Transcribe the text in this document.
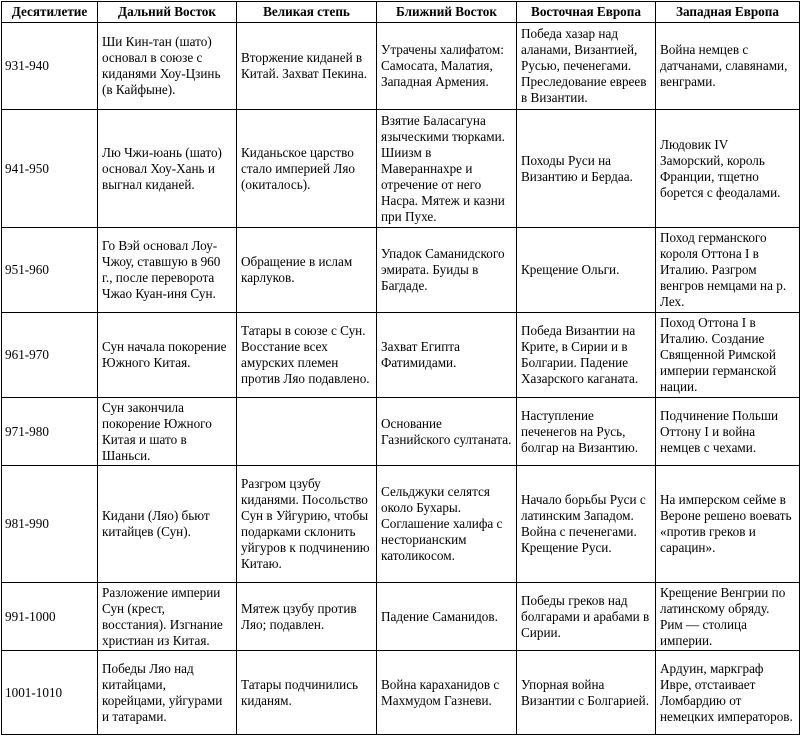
Десятилетие	Дальний Восток	Великая степь	Ближний Восток	Восточная Европа	Западная Европа
931-940	Ши Кин-тан (шато) основал в союзе с киданями Хоу-Цзинь (в Кайфыне).	Вторжение киданей в Китай. Захват Пекина.	Утрачены халифатом: Самосата, Малатия, Западная Армения.	Победа хазар над аланами, Византией, Русью, печенегами. Преследование евреев в Византии.	Война немцев с датчанами, славянами, венграми.
941-950	Лю Чжи-юань (шато) основал Хоу-Хань и выгнал киданей.	Киданьское царство стало империей Ляо (окиталось).	Взятие Баласагуна языческими тюрками. Шиизм в Мавераннахре и отречение от него Насра. Мятеж и казни при Пухе.	Походы Руси на Византию и Бердаа.	Людовик IV Заморский, король Франции, тщетно борется с феодалами.
951-960	Го Вэй основал Лоу-Чжоу, ставшую в 960 г., после переворота Чжао Куан-иня Сун.	Обращение в ислам карлуков.	Упадок Саманидского эмирата. Буиды в Багдаде.	Крещение Ольги.	Поход германского короля Оттона I в Италию. Разгром венгров немцами на р. Лех.
961-970	Сун начала покорение Южного Китая.	Татары в союзе с Сун. Восстание всех амурских племен против Ляо подавлено.	Захват Египта Фатимидами.	Победа Византии на Крите, в Сирии и в Болгарии. Падение Хазарского каганата.	Поход Оттона I в Италию. Создание Священной Римской империи германской нации.
971-980	Сун закончила покорение Южного Китая и шато в Шаньси.		Основание Газнийского султаната.	Наступление печенегов на Русь, болгар на Византию.	Подчинение Польши Оттону I и война немцев с чехами.
981-990	Кидани (Ляо) бьют китайцев (Сун).	Разгром цзубу киданями. Посольство Сун в Уйгурию, чтобы подарками склонить уйгуров к подчинению Китаю.	Сельджуки селятся около Бухары. Соглашение халифа с несторианским католикосом.	Начало борьбы Руси с латинским Западом. Война с печенегами. Крещение Руси.	На имперском сейме в Вероне решено воевать «против греков и сарацин».
991-1000	Разложение империи Сун (крест, восстания). Изгнание христиан из Китая.	Мятеж цзубу против Ляо; подавлен.	Падение Саманидов.	Победы греков над болгарами и арабами в Сирии.	Крещение Венгрии по латинскому обряду. Рим — столица империи.
1001-1010	Победы Ляо над китайцами, корейцами, уйгурами и татарами.	Татары подчинились киданям.	Война караханидов с Махмудом Газневи.	Упорная война Византии с Болгарией.	Ардуин, маркграф Ивре, отстаивает Ломбардию от немецких императоров.
